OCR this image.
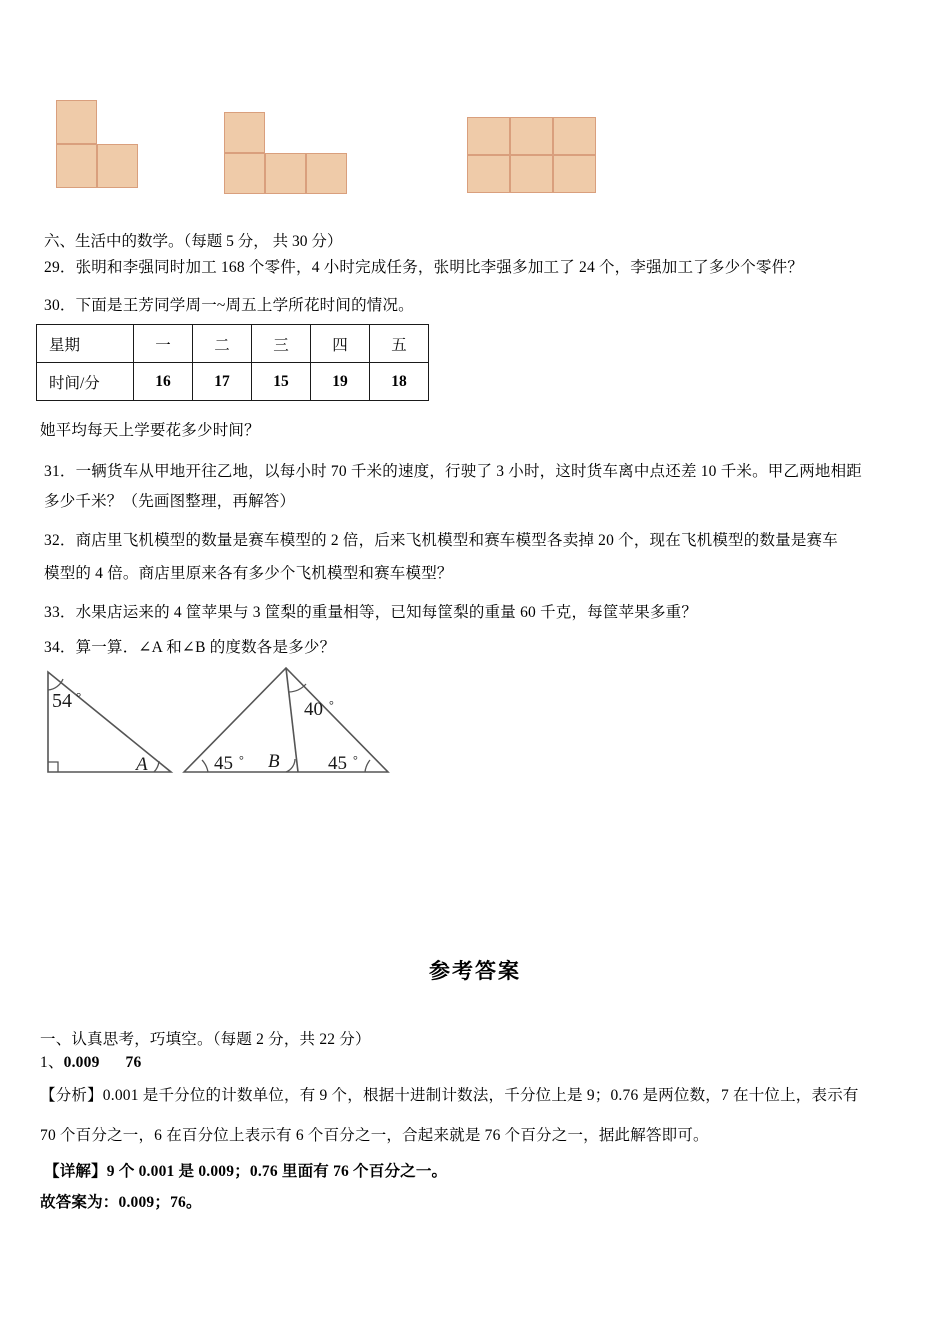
六、生活中的数学。（每题 5 分， 共 30 分）
29．张明和李强同时加工 168 个零件，4 小时完成任务，张明比李强多加工了 24 个，李强加工了多少个零件？
30．下面是王芳同学周一~周五上学所花时间的情况。
星期	一	二	三	四	五
时间/分	16	17	15	19	18
她平均每天上学要花多少时间？
31．一辆货车从甲地开往乙地，以每小时 70 千米的速度，行驶了 3 小时，这时货车离中点还差 10 千米。甲乙两地相距
多少千米？（先画图整理，再解答）
32．商店里飞机模型的数量是赛车模型的 2 倍，后来飞机模型和赛车模型各卖掉 20 个，现在飞机模型的数量是赛车
模型的 4 倍。商店里原来各有多少个飞机模型和赛车模型？
33．水果店运来的 4 筐苹果与 3 筐梨的重量相等，已知每筐梨的重量 60 千克，每筐苹果多重？
34．算一算．∠A 和∠B 的度数各是多少？
54 °
A	45 °	45 °
40 °
B
参考答案
一、认真思考，巧填空。（每题 2 分，共 22 分）
1、0.009 76
【分析】0.001 是千分位的计数单位，有 9 个，根据十进制计数法，千分位上是 9；0.76 是两位数，7 在十位上，表示有
70 个百分之一，6 在百分位上表示有 6 个百分之一，合起来就是 76 个百分之一，据此解答即可。
【详解】9 个 0.001 是 0.009；0.76 里面有 76 个百分之一。
故答案为：0.009；76。
